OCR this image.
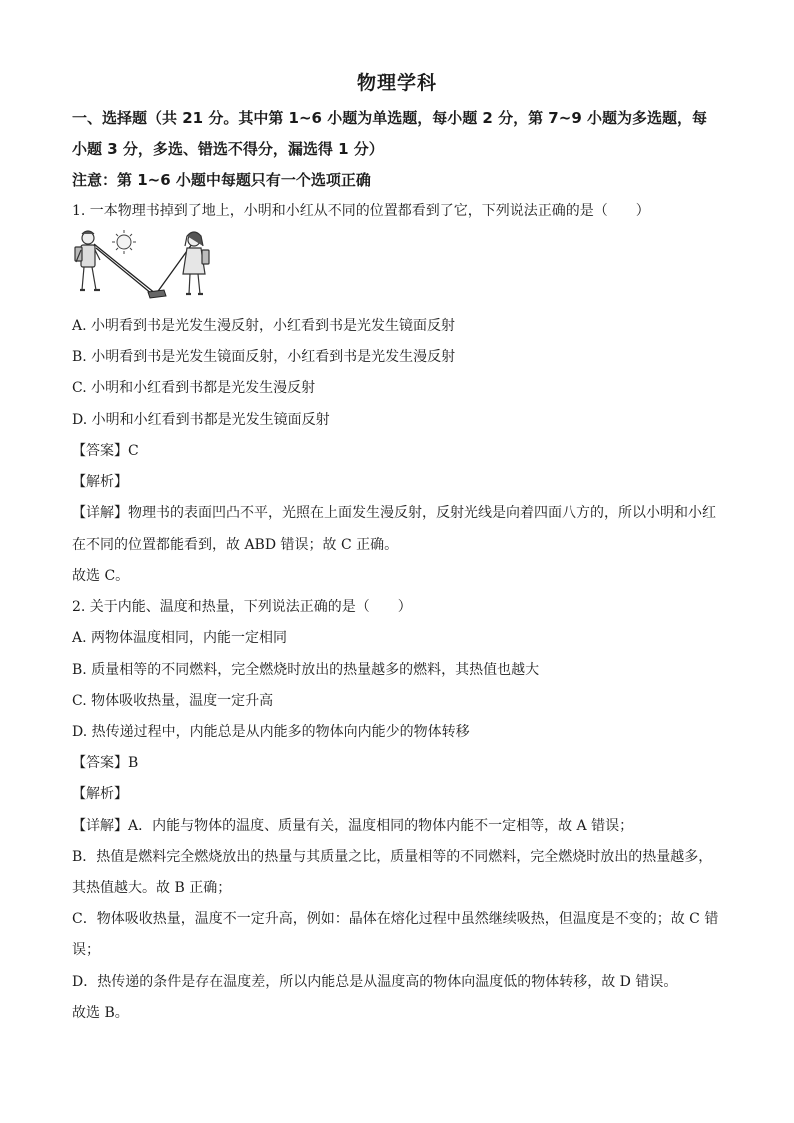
物理学科
一、选择题（共 21 分。其中第 1~6 小题为单选题，每小题 2 分，第 7~9 小题为多选题，每
小题 3 分，多选、错选不得分，漏选得 1 分）
注意：第 1~6 小题中每题只有一个选项正确
1. 一本物理书掉到了地上，小明和小红从不同的位置都看到了它，下列说法正确的是（　　）
A. 小明看到书是光发生漫反射，小红看到书是光发生镜面反射
B. 小明看到书是光发生镜面反射，小红看到书是光发生漫反射
C. 小明和小红看到书都是光发生漫反射
D. 小明和小红看到书都是光发生镜面反射
【答案】C
【解析】
【详解】物理书的表面凹凸不平，光照在上面发生漫反射，反射光线是向着四面八方的，所以小明和小红
在不同的位置都能看到，故 ABD 错误；故 C 正确。
故选 C。
2. 关于内能、温度和热量，下列说法正确的是（　　）
A. 两物体温度相同，内能一定相同
B. 质量相等的不同燃料，完全燃烧时放出的热量越多的燃料，其热值也越大
C. 物体吸收热量，温度一定升高
D. 热传递过程中，内能总是从内能多的物体向内能少的物体转移
【答案】B
【解析】
【详解】A．内能与物体的温度、质量有关，温度相同的物体内能不一定相等，故 A 错误；
B．热值是燃料完全燃烧放出的热量与其质量之比，质量相等的不同燃料，完全燃烧时放出的热量越多，
其热值越大。故 B 正确；
C．物体吸收热量，温度不一定升高，例如：晶体在熔化过程中虽然继续吸热，但温度是不变的；故 C 错
误；
D．热传递的条件是存在温度差，所以内能总是从温度高的物体向温度低的物体转移，故 D 错误。
故选 B。
